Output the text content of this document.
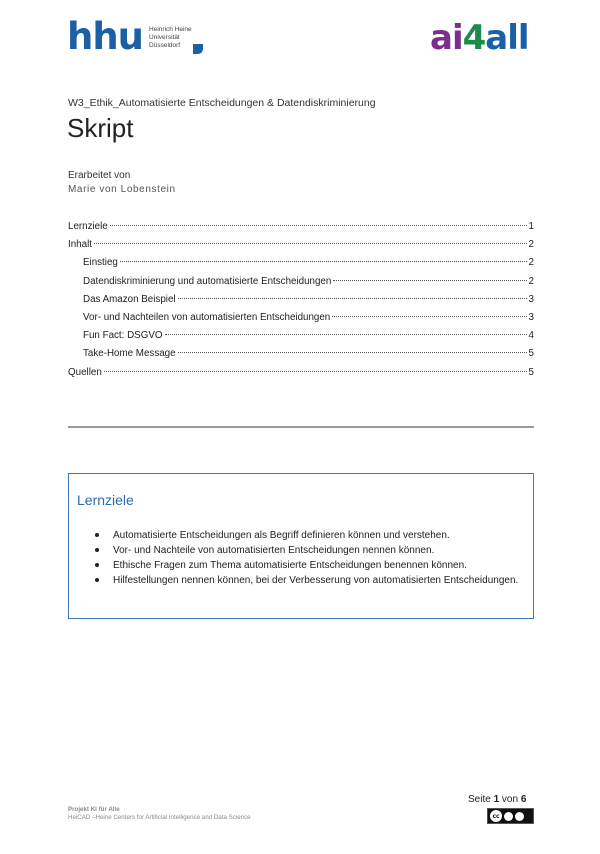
hhu Heinrich Heine
Universität
Düsseldorf	ai4all
W3_Ethik_Automatisierte Entscheidungen & Datendiskriminierung
Skript
Erarbeitet von
Marie von Lobenstein
Lernziele	1
Inhalt	2
Einstieg	2
Datendiskriminierung und automatisierte Entscheidungen	2
Das Amazon Beispiel	3
Vor- und Nachteilen von automatisierten Entscheidungen	3
Fun Fact: DSGVO	4
Take-Home Message	5
Quellen	5
Lernziele
Automatisierte Entscheidungen als Begriff definieren können und verstehen.
Vor- und Nachteile von automatisierten Entscheidungen nennen können.
Ethische Fragen zum Thema automatisierte Entscheidungen benennen können.
Hilfestellungen nennen können, bei der Verbesserung von automatisierten Entscheidungen.
Projekt KI für Alle
HeiCAD –Heine Centers for Artificial Intelligence and Data Science
Seite 1 von 6
cc
